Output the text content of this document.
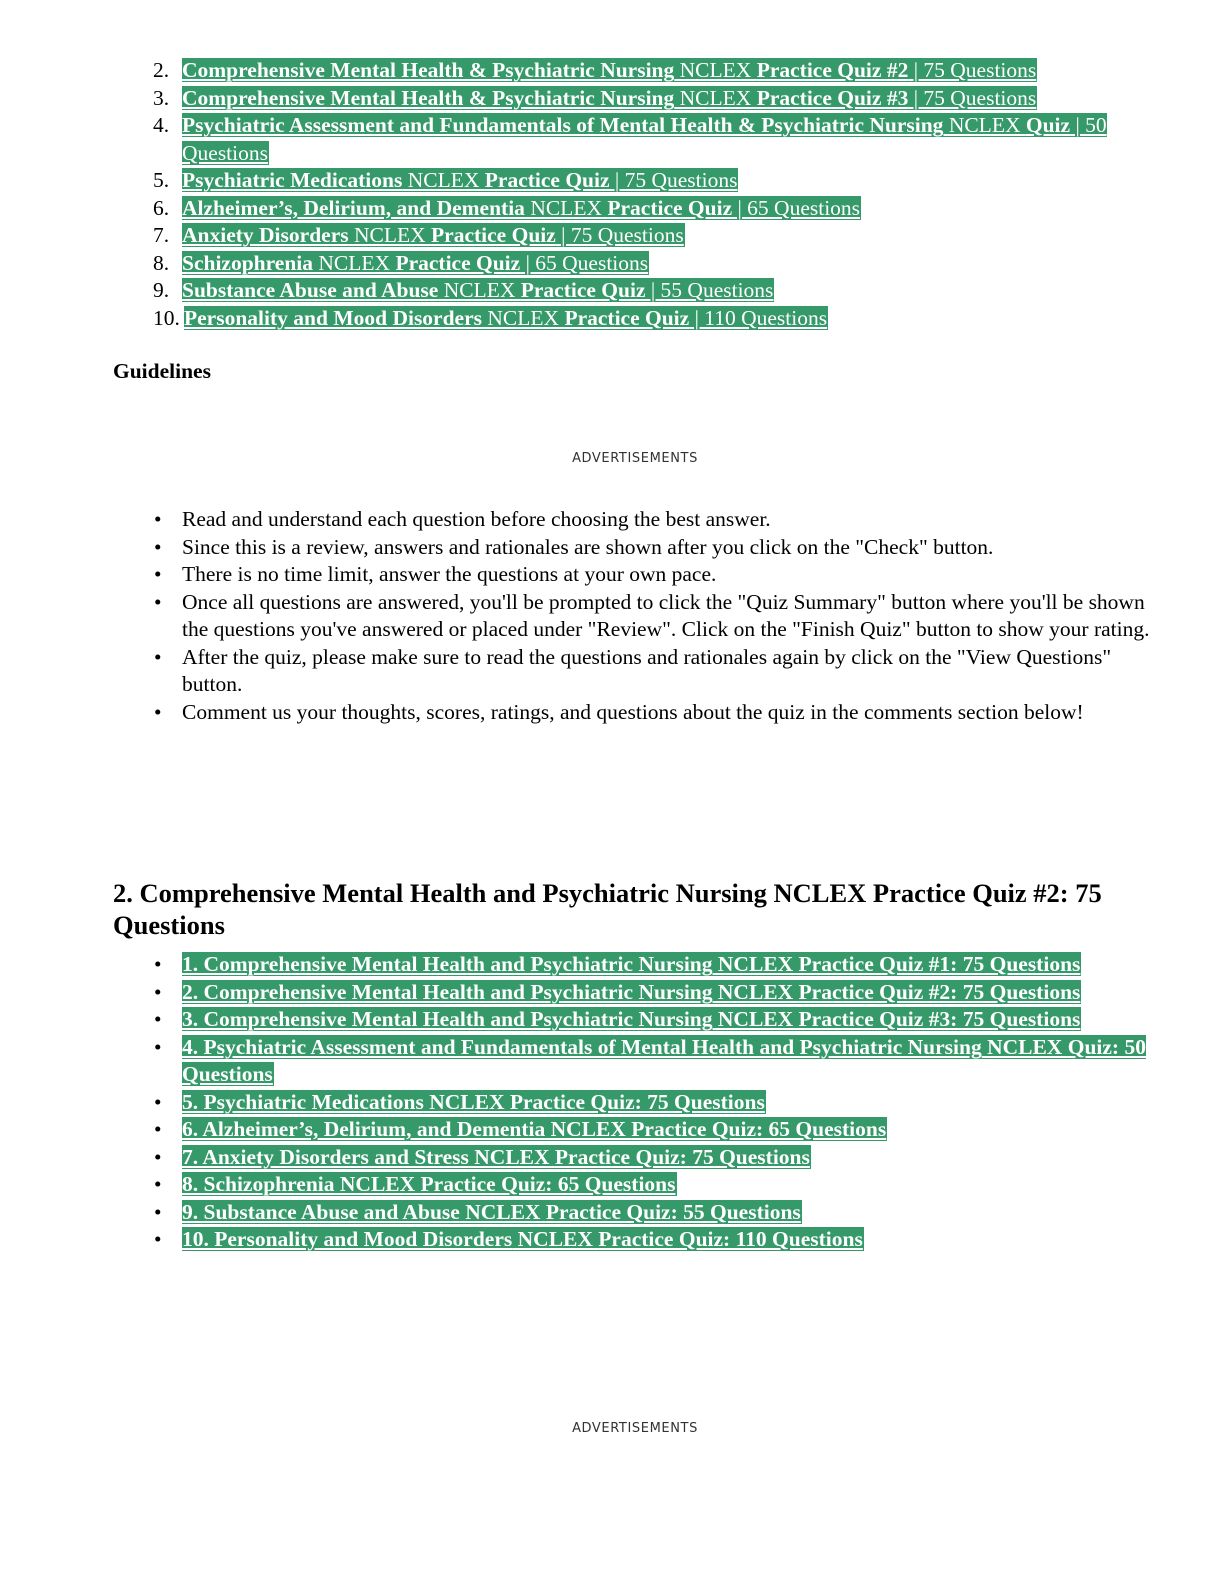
2. Comprehensive Mental Health & Psychiatric Nursing NCLEX Practice Quiz #2 | 75 Questions
3. Comprehensive Mental Health & Psychiatric Nursing NCLEX Practice Quiz #3 | 75 Questions
4. Psychiatric Assessment and Fundamentals of Mental Health & Psychiatric Nursing NCLEX Quiz | 50 Questions
5. Psychiatric Medications NCLEX Practice Quiz | 75 Questions
6. Alzheimer’s, Delirium, and Dementia NCLEX Practice Quiz | 65 Questions
7. Anxiety Disorders NCLEX Practice Quiz | 75 Questions
8. Schizophrenia NCLEX Practice Quiz | 65 Questions
9. Substance Abuse and Abuse NCLEX Practice Quiz | 55 Questions
10. Personality and Mood Disorders NCLEX Practice Quiz | 110 Questions
Guidelines
ADVERTISEMENTS
• Read and understand each question before choosing the best answer.
• Since this is a review, answers and rationales are shown after you click on the "Check" button.
• There is no time limit, answer the questions at your own pace.
• Once all questions are answered, you'll be prompted to click the "Quiz Summary" button where you'll be shown the questions you've answered or placed under "Review". Click on the "Finish Quiz" button to show your rating.
• After the quiz, please make sure to read the questions and rationales again by click on the "View Questions" button.
• Comment us your thoughts, scores, ratings, and questions about the quiz in the comments section below!
2. Comprehensive Mental Health and Psychiatric Nursing NCLEX Practice Quiz #2: 75 Questions
• 1. Comprehensive Mental Health and Psychiatric Nursing NCLEX Practice Quiz #1: 75 Questions
• 2. Comprehensive Mental Health and Psychiatric Nursing NCLEX Practice Quiz #2: 75 Questions
• 3. Comprehensive Mental Health and Psychiatric Nursing NCLEX Practice Quiz #3: 75 Questions
• 4. Psychiatric Assessment and Fundamentals of Mental Health and Psychiatric Nursing NCLEX Quiz: 50 Questions
• 5. Psychiatric Medications NCLEX Practice Quiz: 75 Questions
• 6. Alzheimer’s, Delirium, and Dementia NCLEX Practice Quiz: 65 Questions
• 7. Anxiety Disorders and Stress NCLEX Practice Quiz: 75 Questions
• 8. Schizophrenia NCLEX Practice Quiz: 65 Questions
• 9. Substance Abuse and Abuse NCLEX Practice Quiz: 55 Questions
• 10. Personality and Mood Disorders NCLEX Practice Quiz: 110 Questions
ADVERTISEMENTS
